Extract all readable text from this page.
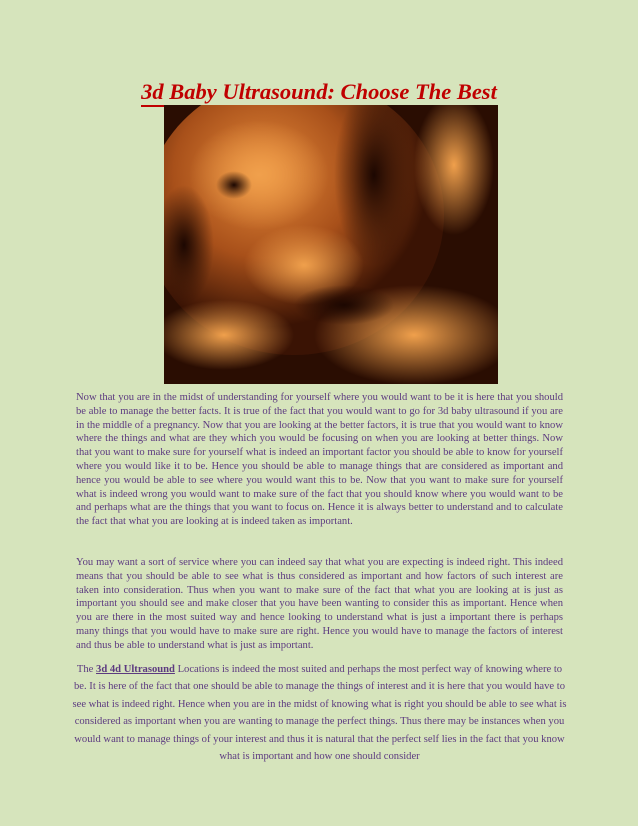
3d Baby Ultrasound: Choose The Best

Now that you are in the midst of understanding for yourself where you would want to be it is here that you should be able to manage the better facts. It is true of the fact that you would want to go for 3d baby ultrasound if you are in the middle of a pregnancy. Now that you are looking at the better factors, it is true that you would want to know where the things and what are they which you would be focusing on when you are looking at better things. Now that you want to make sure for yourself what is indeed an important factor you should be able to know for yourself where you would like it to be. Hence you should be able to manage things that are considered as important and hence you would be able to see where you would want this to be. Now that you want to make sure for yourself what is indeed wrong you would want to make sure of the fact that you should know where you would want to be and perhaps what are the things that you want to focus on. Hence it is always better to understand and to calculate the fact that what you are looking at is indeed taken as important.

You may want a sort of service where you can indeed say that what you are expecting is indeed right. This indeed means that you should be able to see what is thus considered as important and how factors of such interest are taken into consideration. Thus when you want to make sure of the fact that what you are looking at is just as important you should see and make closer that you have been wanting to consider this as important. Hence when you are there in the most suited way and hence looking to understand what is just a important there is perhaps many things that you would have to make sure are right. Hence you would have to manage the factors of interest and thus be able to understand what is just as important.

The 3d 4d Ultrasound Locations is indeed the most suited and perhaps the most perfect way of knowing where to be. It is here of the fact that one should be able to manage the things of interest and it is here that you would have to see what is indeed right. Hence when you are in the midst of knowing what is right you should be able to see what is considered as important when you are wanting to manage the perfect things. Thus there may be instances when you would want to manage things of your interest and thus it is natural that the perfect self lies in the fact that you know what is important and how one should consider
